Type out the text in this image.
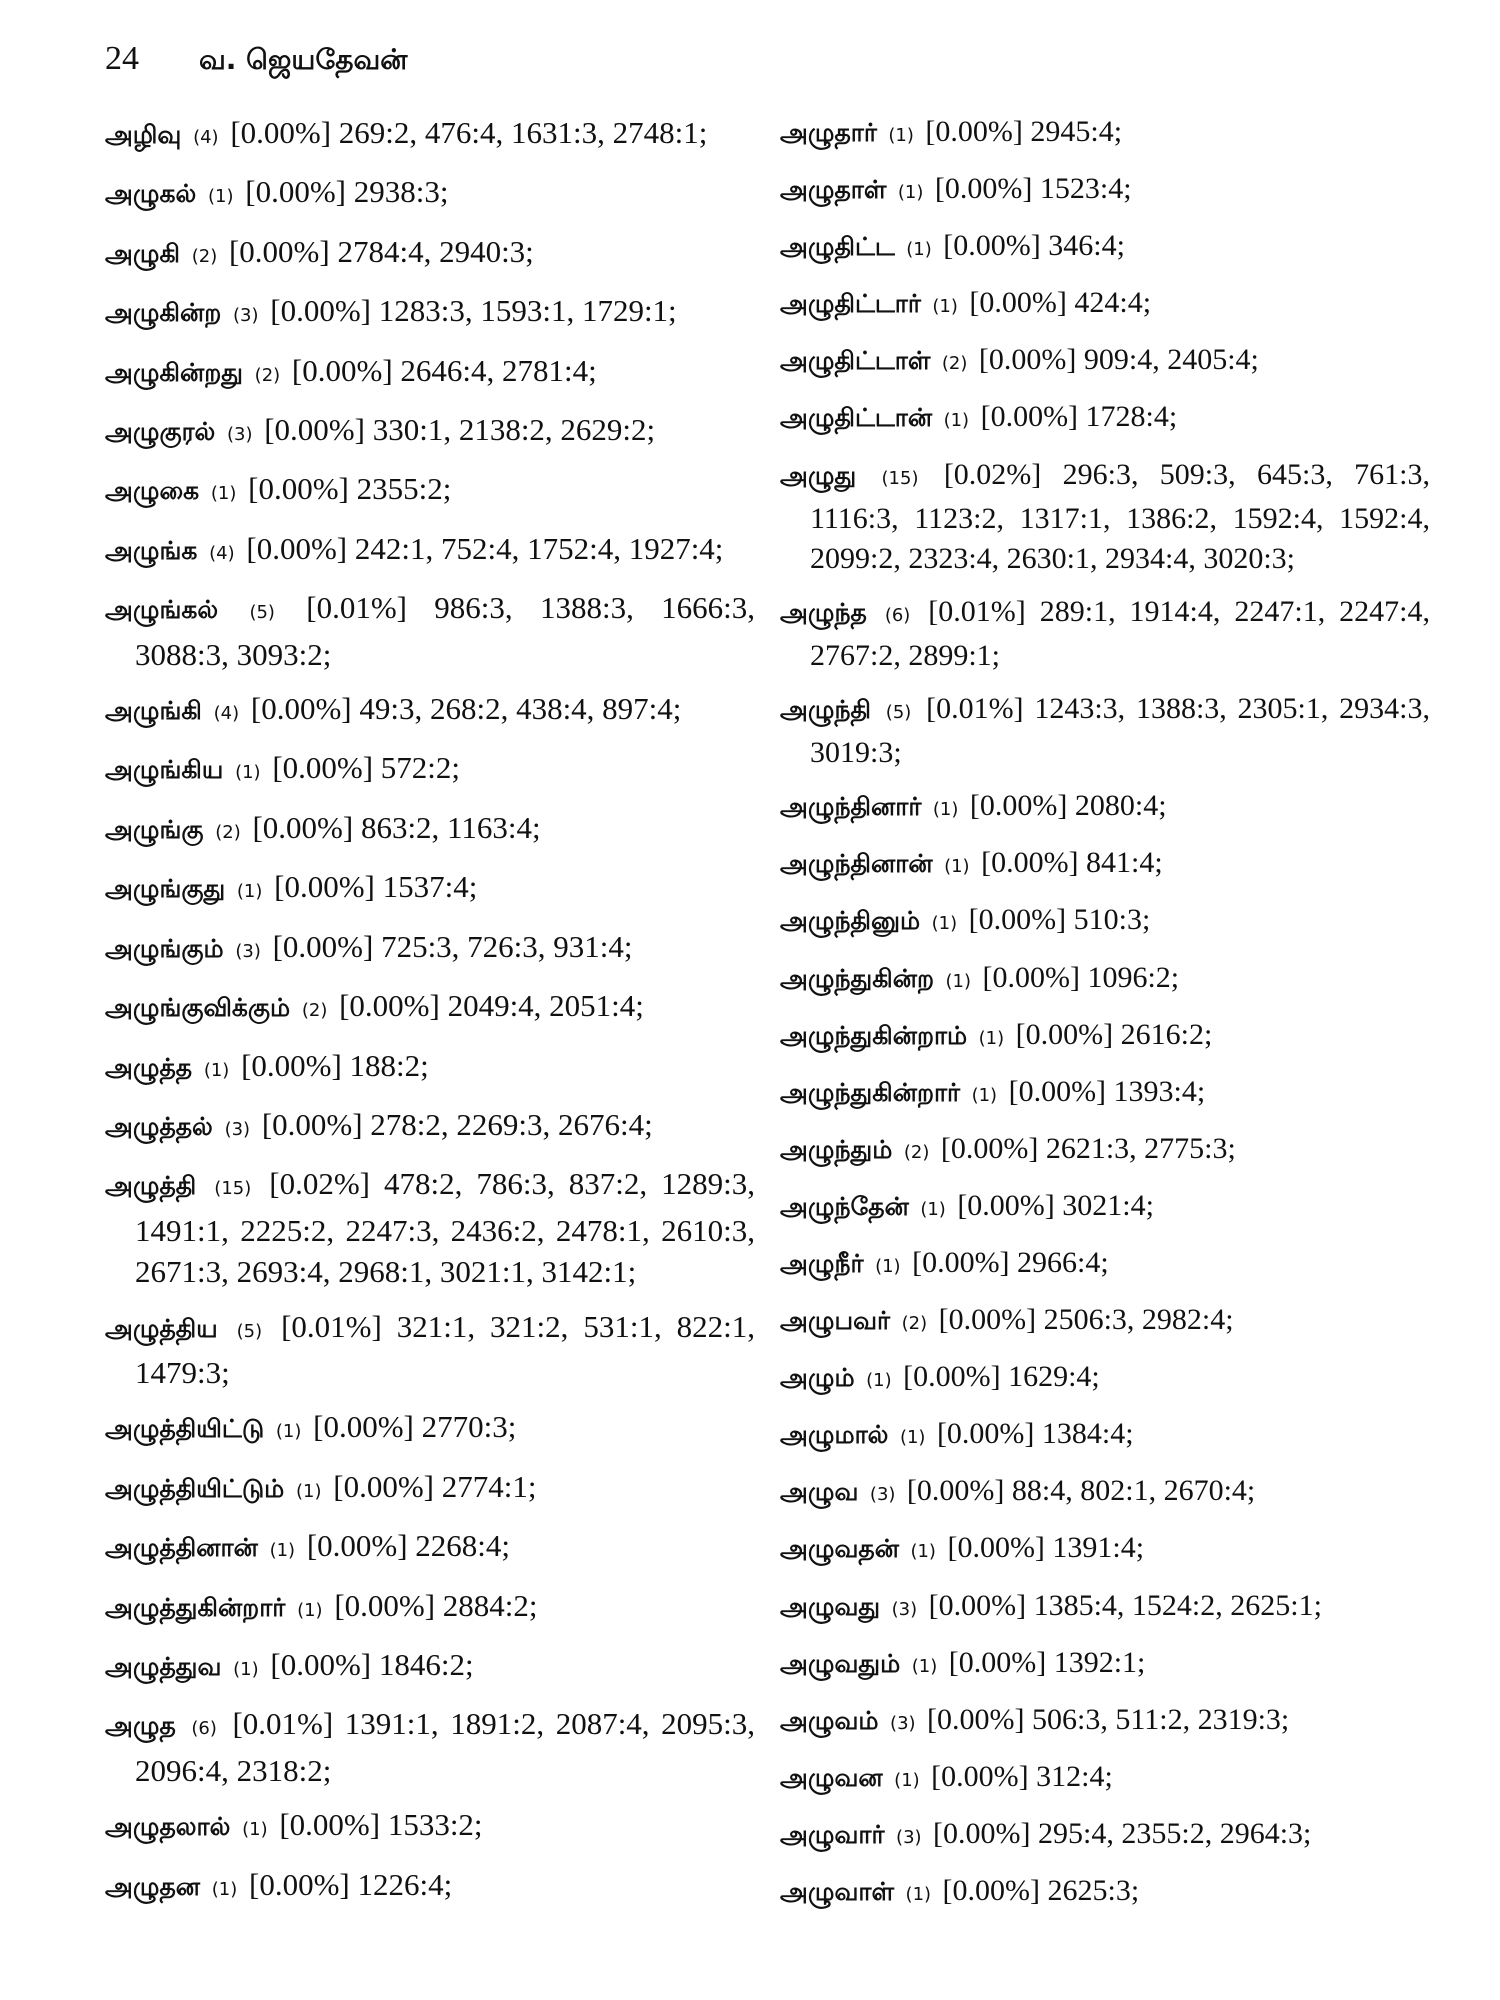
24 வ. ஜெயதேவன்

அழிவு (4) [0.00%] 269:2, 476:4, 1631:3, 2748:1;

அழுகல் (1) [0.00%] 2938:3;

அழுகி (2) [0.00%] 2784:4, 2940:3;

அழுகின்ற (3) [0.00%] 1283:3, 1593:1, 1729:1;

அழுகின்றது (2) [0.00%] 2646:4, 2781:4;

அழுகுரல் (3) [0.00%] 330:1, 2138:2, 2629:2;

அழுகை (1) [0.00%] 2355:2;

அழுங்க (4) [0.00%] 242:1, 752:4, 1752:4, 1927:4;

அழுங்கல் (5) [0.01%] 986:3, 1388:3, 1666:3, 3088:3, 3093:2;

அழுங்கி (4) [0.00%] 49:3, 268:2, 438:4, 897:4;

அழுங்கிய (1) [0.00%] 572:2;

அழுங்கு (2) [0.00%] 863:2, 1163:4;

அழுங்குது (1) [0.00%] 1537:4;

அழுங்கும் (3) [0.00%] 725:3, 726:3, 931:4;

அழுங்குவிக்கும் (2) [0.00%] 2049:4, 2051:4;

அழுத்த (1) [0.00%] 188:2;

அழுத்தல் (3) [0.00%] 278:2, 2269:3, 2676:4;

அழுத்தி (15) [0.02%] 478:2, 786:3, 837:2, 1289:3, 1491:1, 2225:2, 2247:3, 2436:2, 2478:1, 2610:3, 2671:3, 2693:4, 2968:1, 3021:1, 3142:1;

அழுத்திய (5) [0.01%] 321:1, 321:2, 531:1, 822:1, 1479:3;

அழுத்தியிட்டு (1) [0.00%] 2770:3;

அழுத்தியிட்டும் (1) [0.00%] 2774:1;

அழுத்தினான் (1) [0.00%] 2268:4;

அழுத்துகின்றார் (1) [0.00%] 2884:2;

அழுத்துவ (1) [0.00%] 1846:2;

அழுத (6) [0.01%] 1391:1, 1891:2, 2087:4, 2095:3, 2096:4, 2318:2;

அழுதலால் (1) [0.00%] 1533:2;

அழுதன (1) [0.00%] 1226:4;

அழுதார் (1) [0.00%] 2945:4;

அழுதாள் (1) [0.00%] 1523:4;

அழுதிட்ட (1) [0.00%] 346:4;

அழுதிட்டார் (1) [0.00%] 424:4;

அழுதிட்டாள் (2) [0.00%] 909:4, 2405:4;

அழுதிட்டான் (1) [0.00%] 1728:4;

அழுது (15) [0.02%] 296:3, 509:3, 645:3, 761:3, 1116:3, 1123:2, 1317:1, 1386:2, 1592:4, 1592:4, 2099:2, 2323:4, 2630:1, 2934:4, 3020:3;

அழுந்த (6) [0.01%] 289:1, 1914:4, 2247:1, 2247:4, 2767:2, 2899:1;

அழுந்தி (5) [0.01%] 1243:3, 1388:3, 2305:1, 2934:3, 3019:3;

அழுந்தினார் (1) [0.00%] 2080:4;

அழுந்தினான் (1) [0.00%] 841:4;

அழுந்தினும் (1) [0.00%] 510:3;

அழுந்துகின்ற (1) [0.00%] 1096:2;

அழுந்துகின்றாம் (1) [0.00%] 2616:2;

அழுந்துகின்றார் (1) [0.00%] 1393:4;

அழுந்தும் (2) [0.00%] 2621:3, 2775:3;

அழுந்தேன் (1) [0.00%] 3021:4;

அழுநீர் (1) [0.00%] 2966:4;

அழுபவர் (2) [0.00%] 2506:3, 2982:4;

அழும் (1) [0.00%] 1629:4;

அழுமால் (1) [0.00%] 1384:4;

அழுவ (3) [0.00%] 88:4, 802:1, 2670:4;

அழுவதன் (1) [0.00%] 1391:4;

அழுவது (3) [0.00%] 1385:4, 1524:2, 2625:1;

அழுவதும் (1) [0.00%] 1392:1;

அழுவம் (3) [0.00%] 506:3, 511:2, 2319:3;

அழுவன (1) [0.00%] 312:4;

அழுவார் (3) [0.00%] 295:4, 2355:2, 2964:3;

அழுவாள் (1) [0.00%] 2625:3;
